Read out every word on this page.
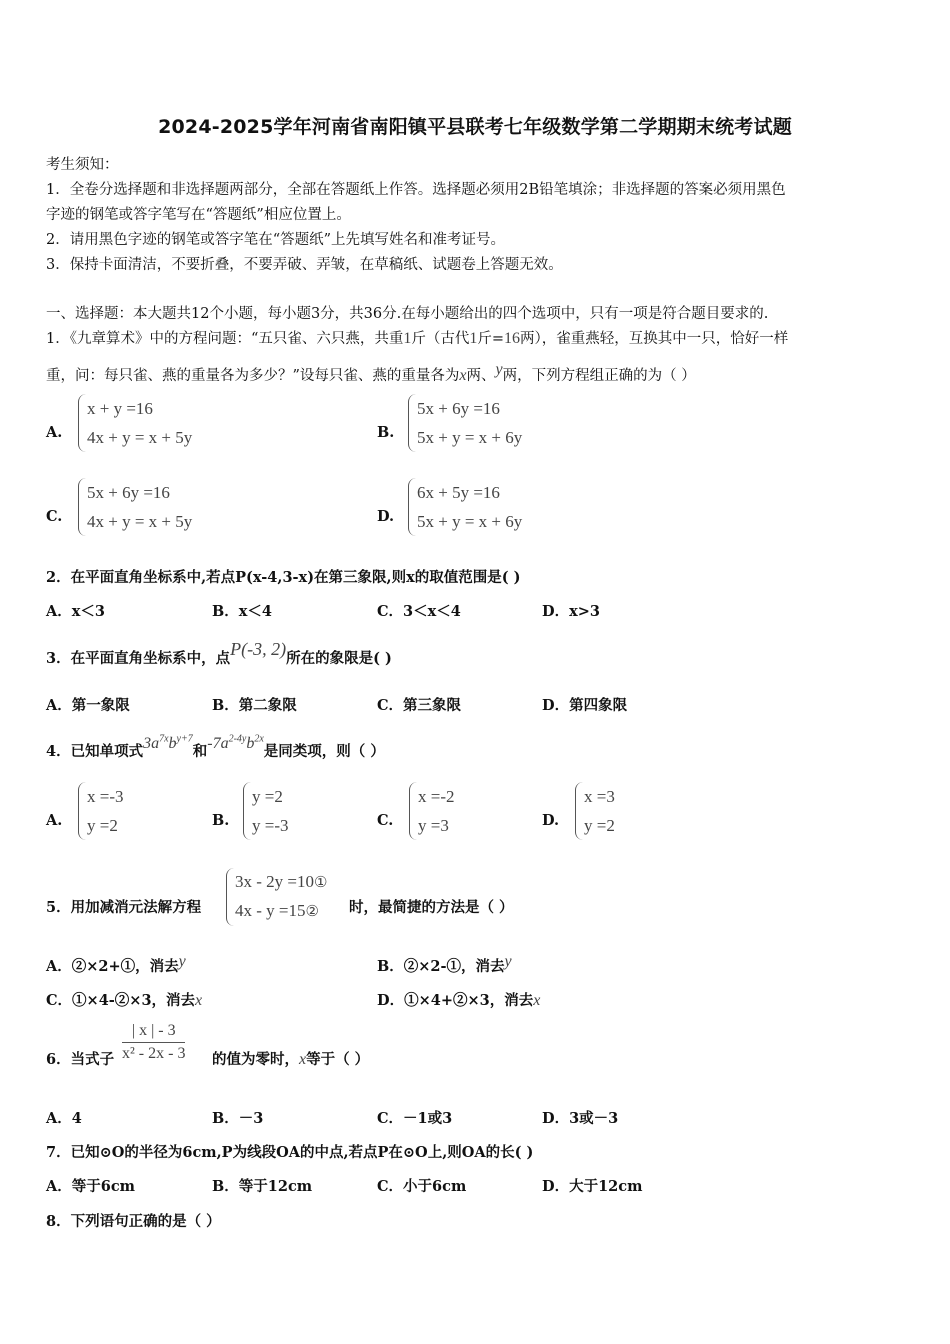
2024-2025学年河南省南阳镇平县联考七年级数学第二学期期末统考试题
考生须知：
1．全卷分选择题和非选择题两部分，全部在答题纸上作答。选择题必须用2B铅笔填涂；非选择题的答案必须用黑色
字迹的钢笔或答字笔写在“答题纸”相应位置上。
2．请用黑色字迹的钢笔或答字笔在“答题纸”上先填写姓名和准考证号。
3．保持卡面清洁，不要折叠，不要弄破、弄皱，在草稿纸、试题卷上答题无效。
一、选择题：本大题共12个小题，每小题3分，共36分.在每小题给出的四个选项中，只有一项是符合题目要求的.
1．《九章算术》中的方程问题：“五只雀、六只燕，共重1斤（古代1斤=16两），雀重燕轻，互换其中一只，恰好一样
重，问：每只雀、燕的重量各为多少？”设每只雀、燕的重量各为x两、y两，下列方程组正确的为（ ）
A.
x + y =16
4x + y = x + 5y	B.
5x + 6y =16
5x + y = x + 6y
C.
5x + 6y =16
4x + y = x + 5y	D.
6x + 5y =16
5x + y = x + 6y
2．在平面直角坐标系中,若点P(x-4,3-x)在第三象限,则x的取值范围是( )
A．x＜3	B．x＜4	C．3＜x＜4	D．x>3
3．在平面直角坐标系中，点P(-3, 2)所在的象限是( )
A．第一象限	B．第二象限	C．第三象限	D．第四象限
4．已知单项式$3a^{7x}b^{y+7}$和$-7a^{2-4y}b^{2x}$是同类项，则（ ）
A.
x =-3
y =2	B.
y =2
y =-3	C.
x =-2
y =3	D.
x =3
y =2
5．用加减消元法解方程
3x - 2y =10①
4x - y =15②	时，最简捷的方法是（ ）
A．②×2+①，消去y	B．②×2-①，消去y
C．①×4-②×3，消去x	D．①×4+②×3，消去x
6．当式子 $\frac{| x | - 3}{\text{x² - 2x - 3}}$ 的值为零时，x等于（ ）
A．4	B．－3	C．－1或3	D．3或－3
7．已知⊙O的半径为6cm,P为线段OA的中点,若点P在⊙O上,则OA的长( )
A．等于6cm	B．等于12cm	C．小于6cm	D．大于12cm
8．下列语句正确的是（ ）
